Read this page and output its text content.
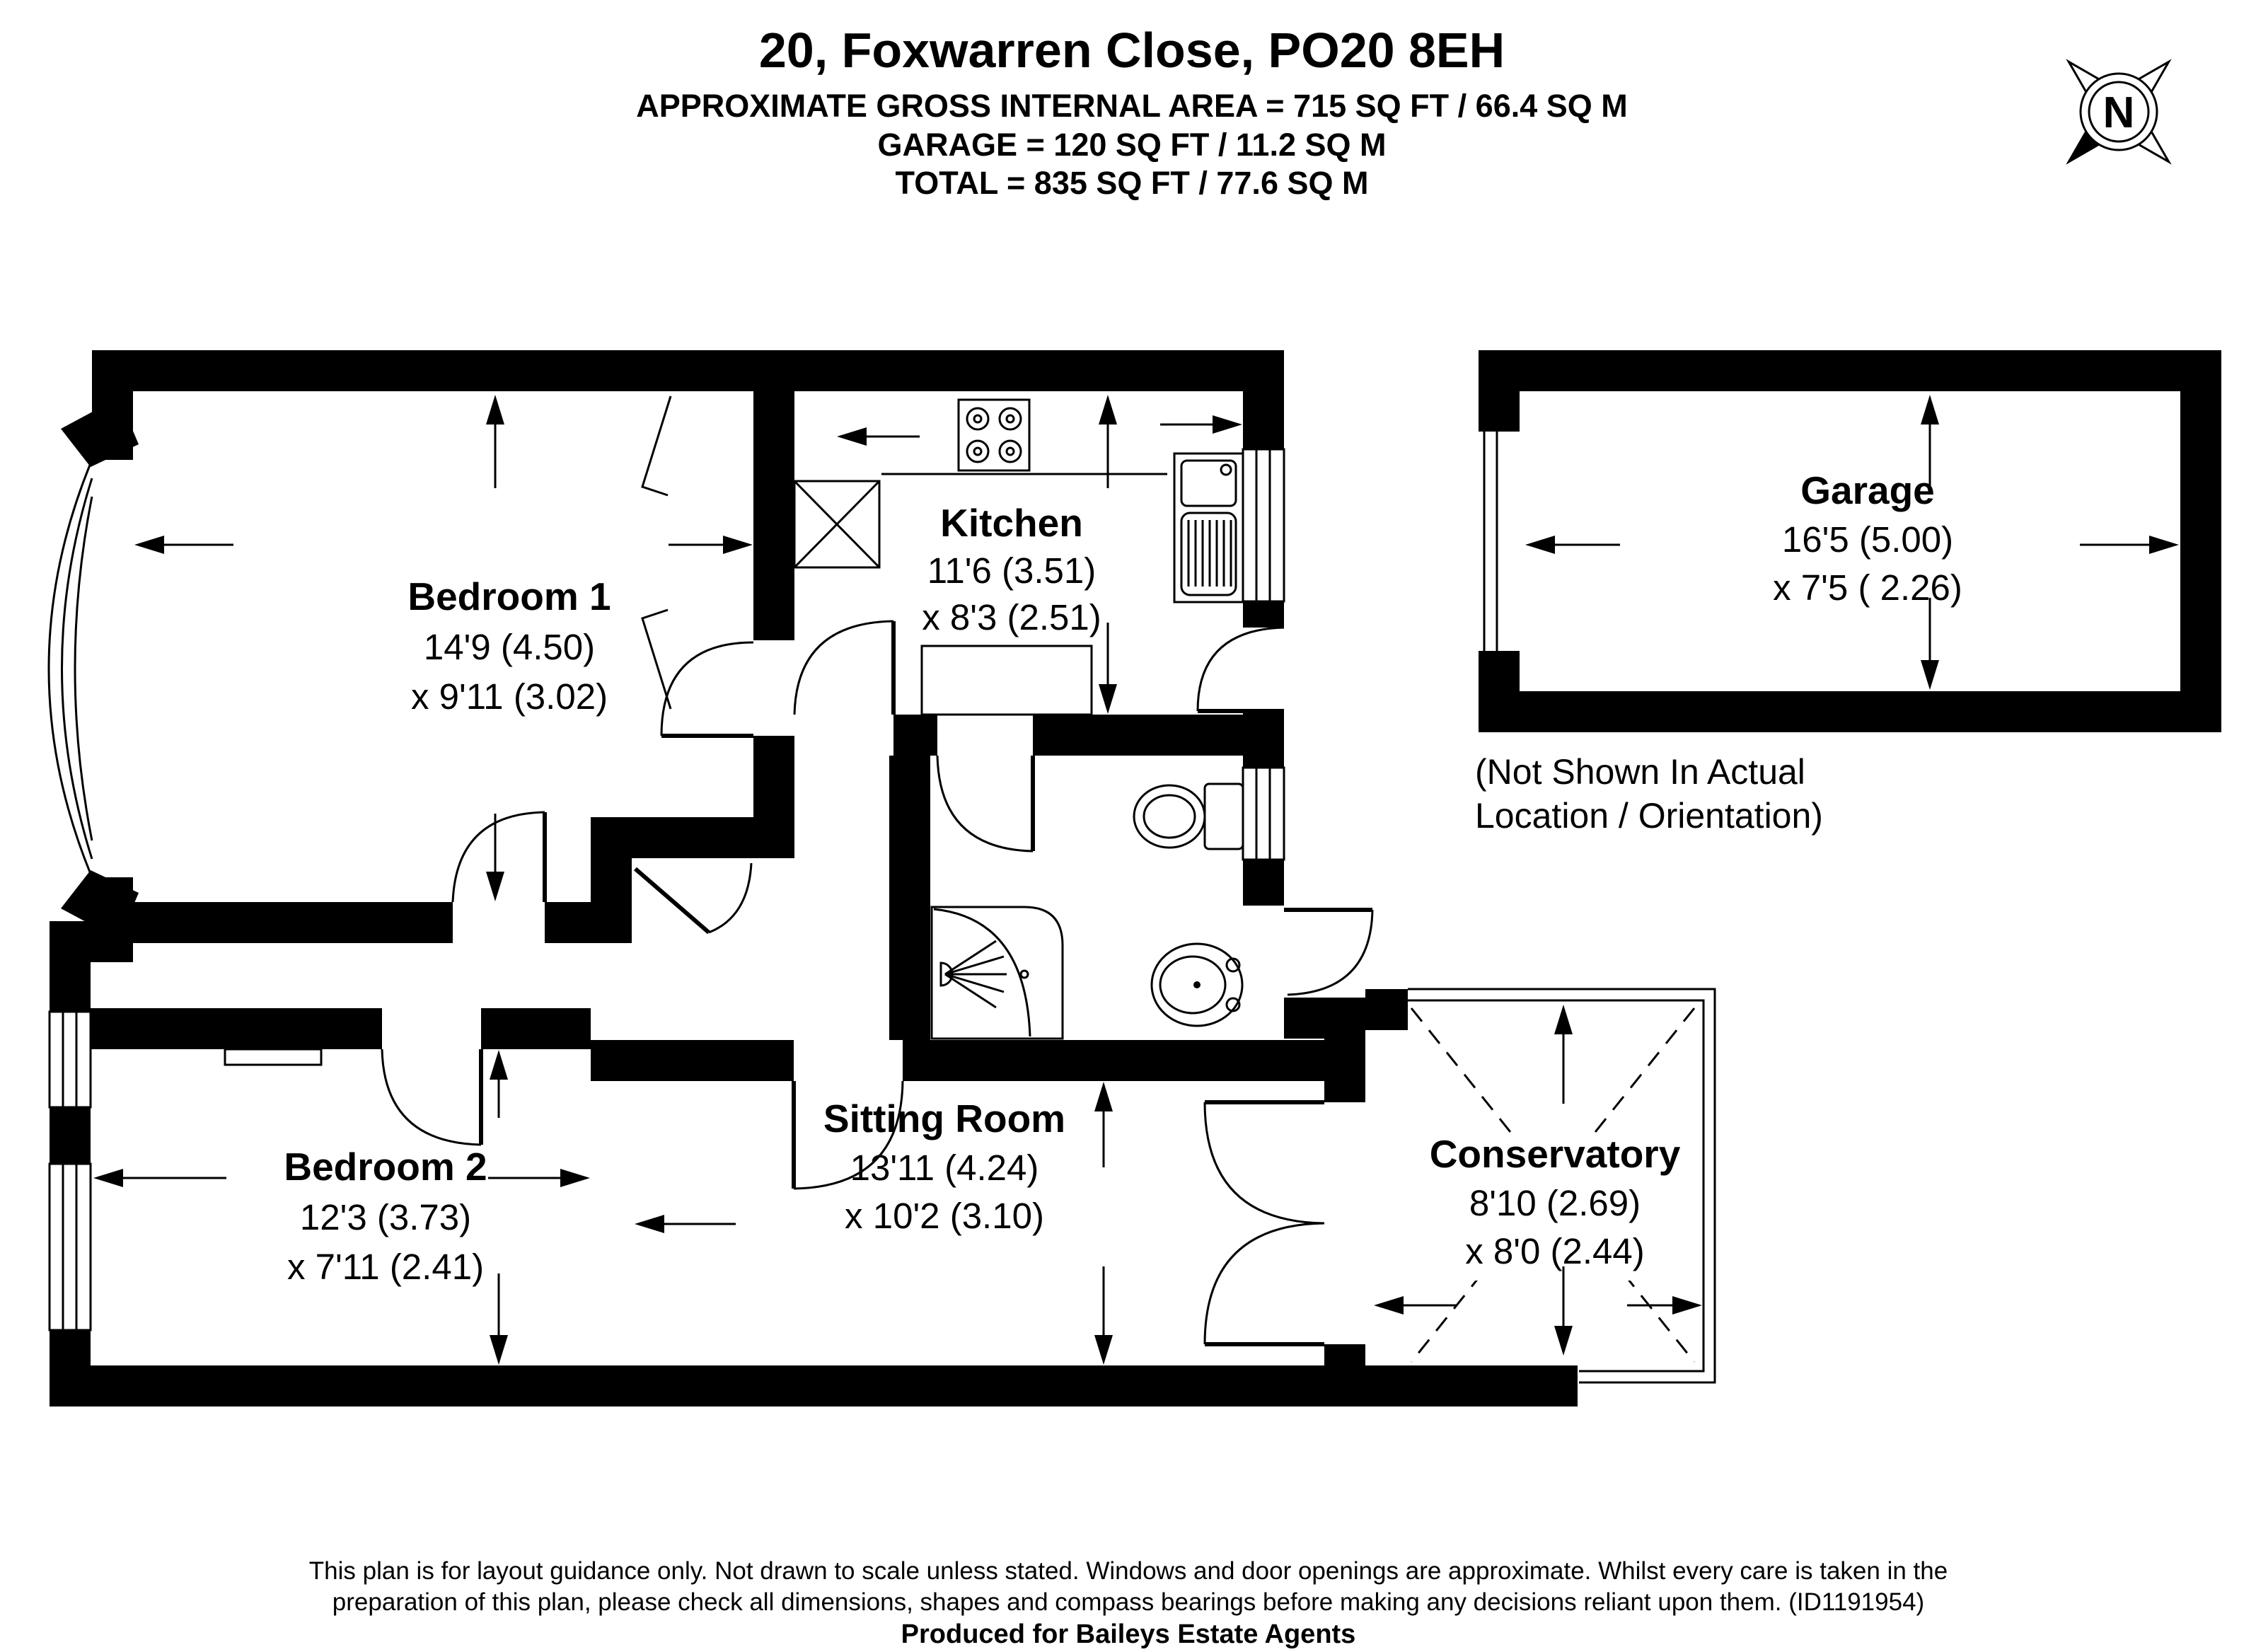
20, Foxwarren Close, PO20 8EH
APPROXIMATE GROSS INTERNAL AREA = 715 SQ FT / 66.4 SQ M
GARAGE = 120 SQ FT / 11.2 SQ M
TOTAL = 835 SQ FT / 77.6 SQ M
N
Bedroom 1
14'9 (4.50)
x 9'11 (3.02)
Kitchen
11'6 (3.51)
x 8'3 (2.51)
Bedroom 2
12'3 (3.73)
x 7'11 (2.41)
Sitting Room
13'11 (4.24)
x 10'2 (3.10)
Conservatory
8'10 (2.69)
x 8'0 (2.44)
Garage
16'5 (5.00)
x 7'5 ( 2.26)
(Not Shown In Actual
Location / Orientation)
This plan is for layout guidance only. Not drawn to scale unless stated. Windows and door openings are approximate. Whilst every care is taken in the
preparation of this plan, please check all dimensions, shapes and compass bearings before making any decisions reliant upon them. (ID1191954)
Produced for Baileys Estate Agents
